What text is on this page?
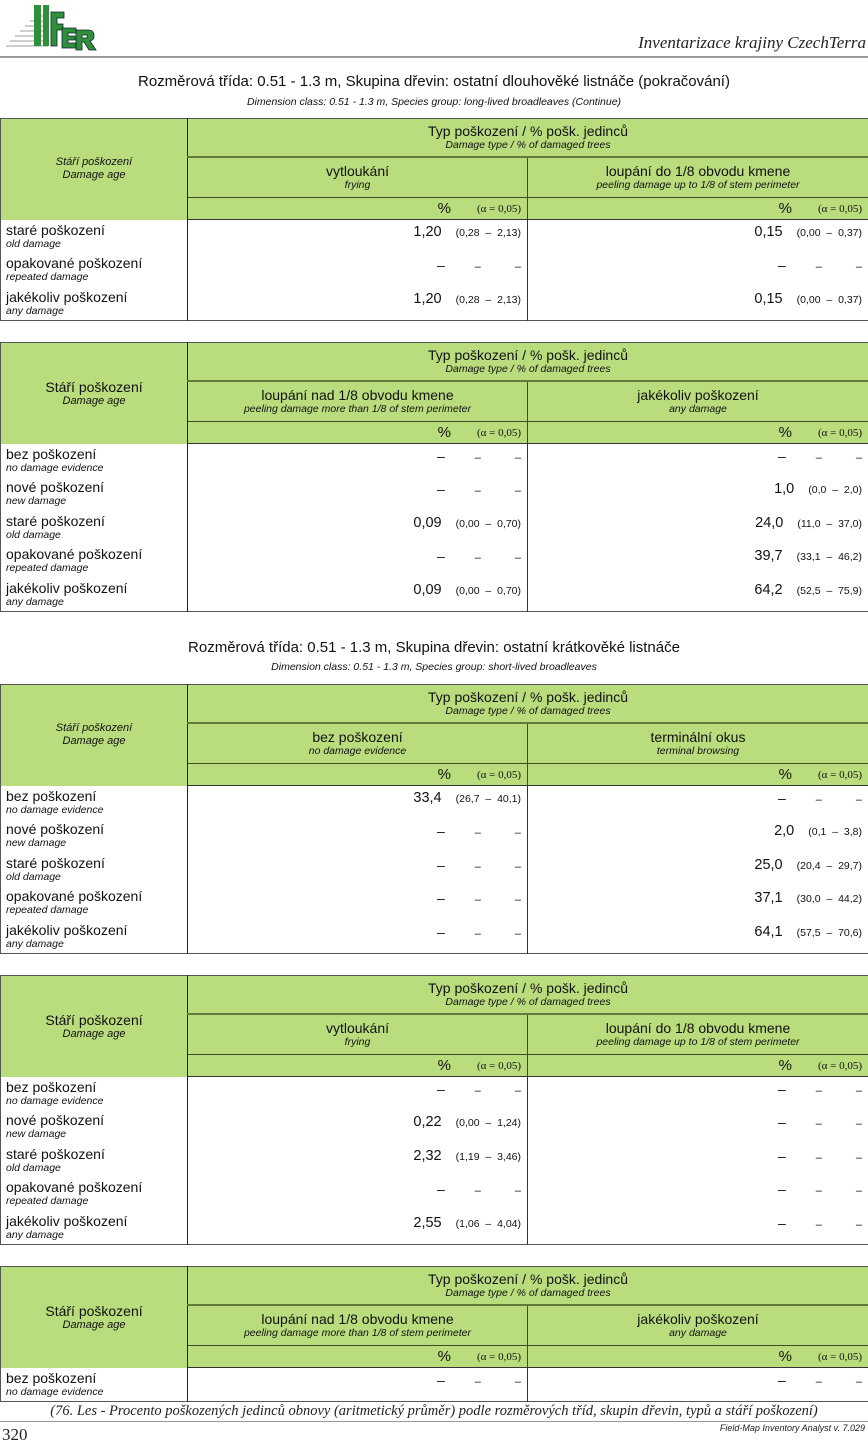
Inventarizace krajiny CzechTerra
Rozměrová třída: 0.51 - 1.3 m, Skupina dřevin: ostatní dlouhověké listnáče (pokračování)
Dimension class: 0.51 - 1.3 m, Species group: long-lived broadleaves (Continue)
Stáří poškození
Damage age	Typ poškození / % pošk. jedinců
Damage type / % of damaged trees	

	vytloukání
frying	loupání do 1/8 obvodu kmene
peeling damage up to 1/8 of stem perimeter

	% (α = 0,05)	% (α = 0,05)

staré poškození
old damage	1,20 (0,28  –  2,13)	0,15 (0,00  –  0,37)

opakované poškození
repeated damage	– – –	– – –

jakékoliv poškození
any damage	1,20 (0,28  –  2,13)	0,15 (0,00  –  0,37)
Stáří poškození
Damage age	Typ poškození / % pošk. jedinců
Damage type / % of damaged trees	

	loupání nad 1/8 obvodu kmene
peeling damage more than 1/8 of stem perimeter	jakékoliv poškození
any damage

	% (α = 0,05)	% (α = 0,05)

bez poškození
no damage evidence	– – –	– – –

nové poškození
new damage	– – –	1,0 (0,0  –  2,0)

staré poškození
old damage	0,09 (0,00  –  0,70)	24,0 (11,0  –  37,0)

opakované poškození
repeated damage	– – –	39,7 (33,1  –  46,2)

jakékoliv poškození
any damage	0,09 (0,00  –  0,70)	64,2 (52,5  –  75,9)
Stáří poškození
Damage age	Typ poškození / % pošk. jedinců
Damage type / % of damaged trees	

	bez poškození
no damage evidence	terminální okus
terminal browsing

	% (α = 0,05)	% (α = 0,05)

bez poškození
no damage evidence	33,4 (26,7  –  40,1)	– – –

nové poškození
new damage	– – –	2,0 (0,1  –  3,8)

staré poškození
old damage	– – –	25,0 (20,4  –  29,7)

opakované poškození
repeated damage	– – –	37,1 (30,0  –  44,2)

jakékoliv poškození
any damage	– – –	64,1 (57,5  –  70,6)
Stáří poškození
Damage age	Typ poškození / % pošk. jedinců
Damage type / % of damaged trees	

	vytloukání
frying	loupání do 1/8 obvodu kmene
peeling damage up to 1/8 of stem perimeter

	% (α = 0,05)	% (α = 0,05)

bez poškození
no damage evidence	– – –	– – –

nové poškození
new damage	0,22 (0,00  –  1,24)	– – –

staré poškození
old damage	2,32 (1,19  –  3,46)	– – –

opakované poškození
repeated damage	– – –	– – –

jakékoliv poškození
any damage	2,55 (1,06  –  4,04)	– – –
Stáří poškození
Damage age	Typ poškození / % pošk. jedinců
Damage type / % of damaged trees	

	loupání nad 1/8 obvodu kmene
peeling damage more than 1/8 of stem perimeter	jakékoliv poškození
any damage

	% (α = 0,05)	% (α = 0,05)

bez poškození
no damage evidence	– – –	– – –
Rozměrová třída: 0.51 - 1.3 m, Skupina dřevin: ostatní krátkověké listnáče
Dimension class: 0.51 - 1.3 m, Species group: short-lived broadleaves
(76. Les - Procento poškozených jedinců obnovy (aritmetický průměr) podle rozměrových tříd, skupin dřevin, typů a stáří poškození)
320	Field-Map Inventory Analyst v. 7.029
